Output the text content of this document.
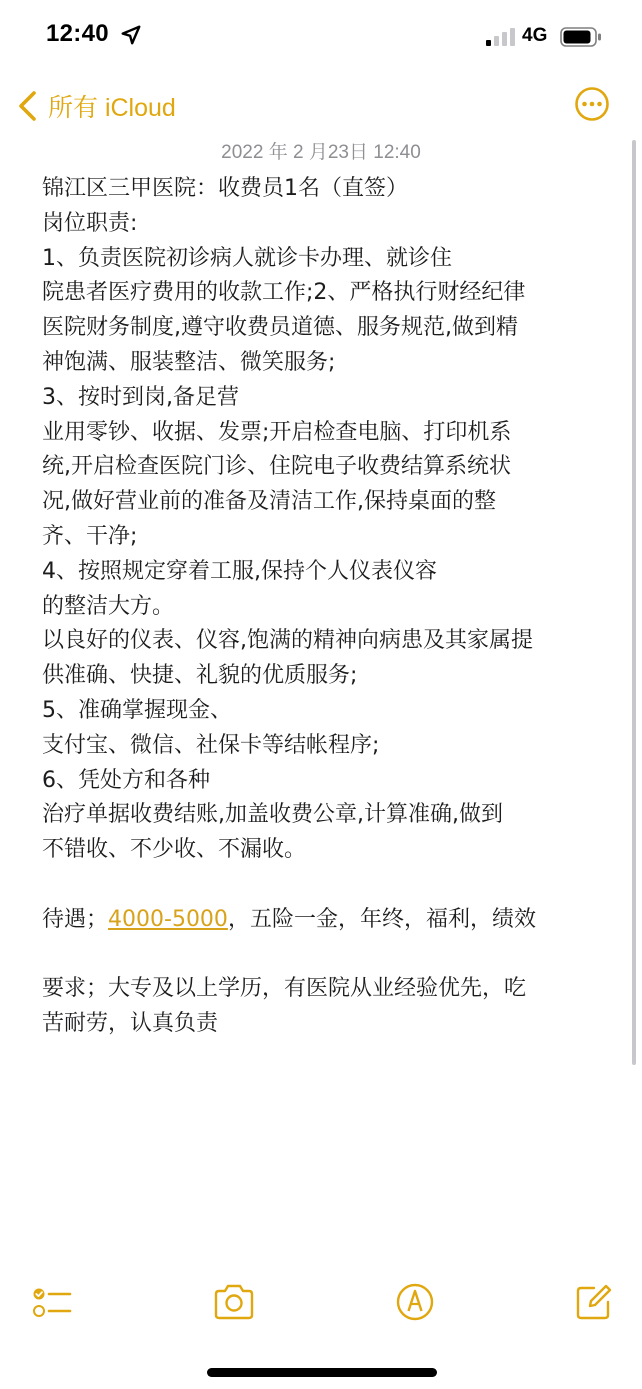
12:40	4G
所有 iCloud
2022 年 2 月23日 12:40
锦江区三甲医院：收费员1名（直签）
岗位职责:
1、负责医院初诊病人就诊卡办理、就诊住
院患者医疗费用的收款工作;2、严格执行财经纪律
医院财务制度,遵守收费员道德、服务规范,做到精
神饱满、服装整洁、微笑服务;
3、按时到岗,备足营
业用零钞、收据、发票;开启检查电脑、打印机系
统,开启检查医院门诊、住院电子收费结算系统状
况,做好营业前的准备及清洁工作,保持桌面的整
齐、干净;
4、按照规定穿着工服,保持个人仪表仪容
的整洁大方。
以良好的仪表、仪容,饱满的精神向病患及其家属提
供准确、快捷、礼貌的优质服务;
5、准确掌握现金、
支付宝、微信、社保卡等结帐程序;
6、凭处方和各种
治疗单据收费结账,加盖收费公章,计算准确,做到
不错收、不少收、不漏收。
待遇；4000-5000，五险一金，年终，福利，绩效
要求；大专及以上学历，有医院从业经验优先，吃
苦耐劳，认真负责
